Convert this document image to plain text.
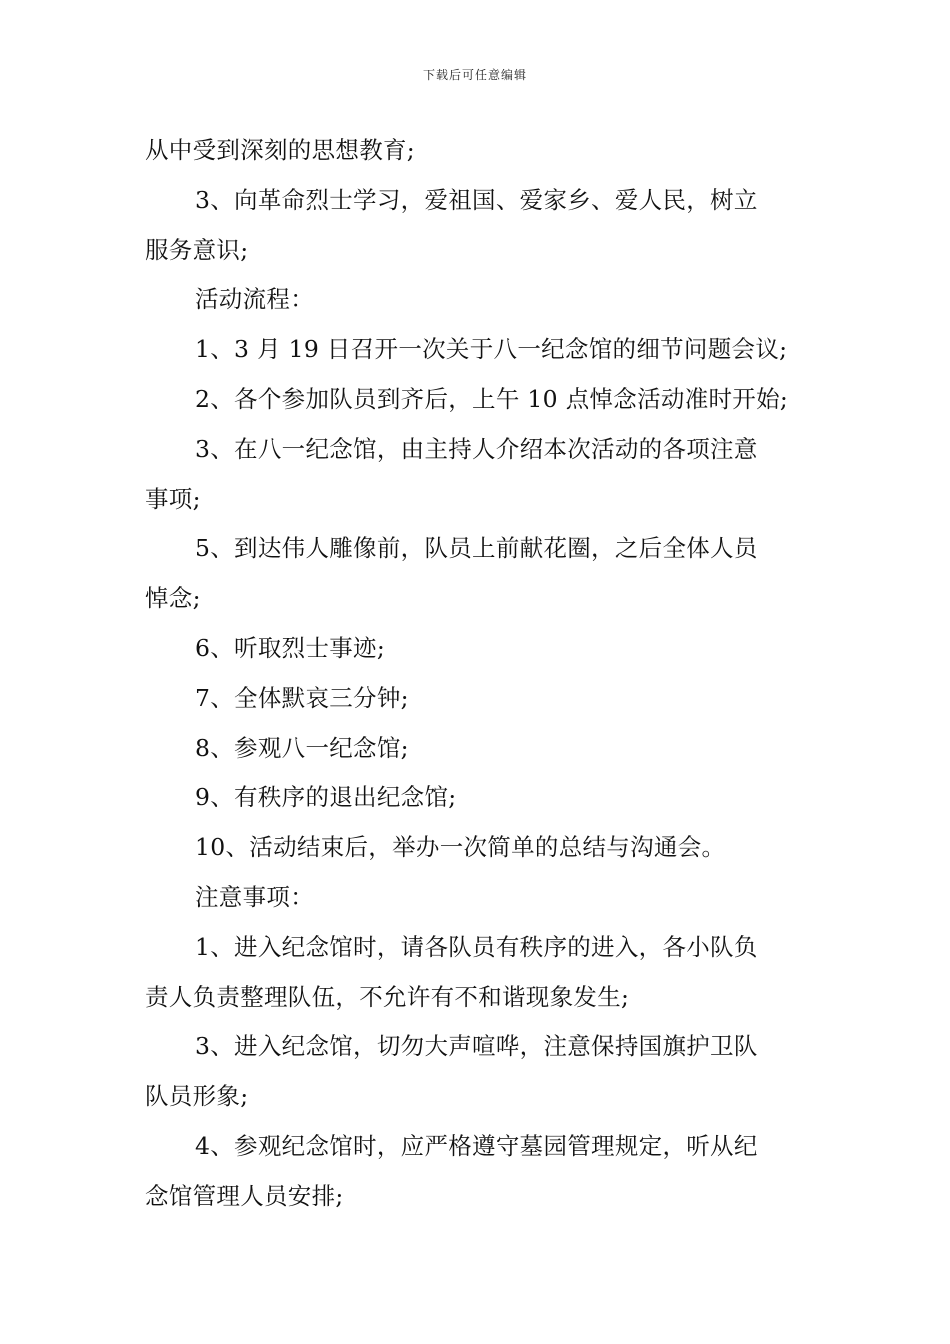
下载后可任意编辑

从中受到深刻的思想教育;

3、向革命烈士学习，爱祖国、爱家乡、爱人民，树立

服务意识;

活动流程：

1、3 月 19 日召开一次关于八一纪念馆的细节问题会议;

2、各个参加队员到齐后，上午 10 点悼念活动准时开始;

3、在八一纪念馆，由主持人介绍本次活动的各项注意

事项;

5、到达伟人雕像前，队员上前献花圈，之后全体人员

悼念;

6、听取烈士事迹;

7、全体默哀三分钟;

8、参观八一纪念馆;

9、有秩序的退出纪念馆;

10、活动结束后，举办一次简单的总结与沟通会。

注意事项：

1、进入纪念馆时，请各队员有秩序的进入，各小队负

责人负责整理队伍，不允许有不和谐现象发生;

3、进入纪念馆，切勿大声喧哗，注意保持国旗护卫队

队员形象;

4、参观纪念馆时，应严格遵守墓园管理规定，听从纪

念馆管理人员安排;
